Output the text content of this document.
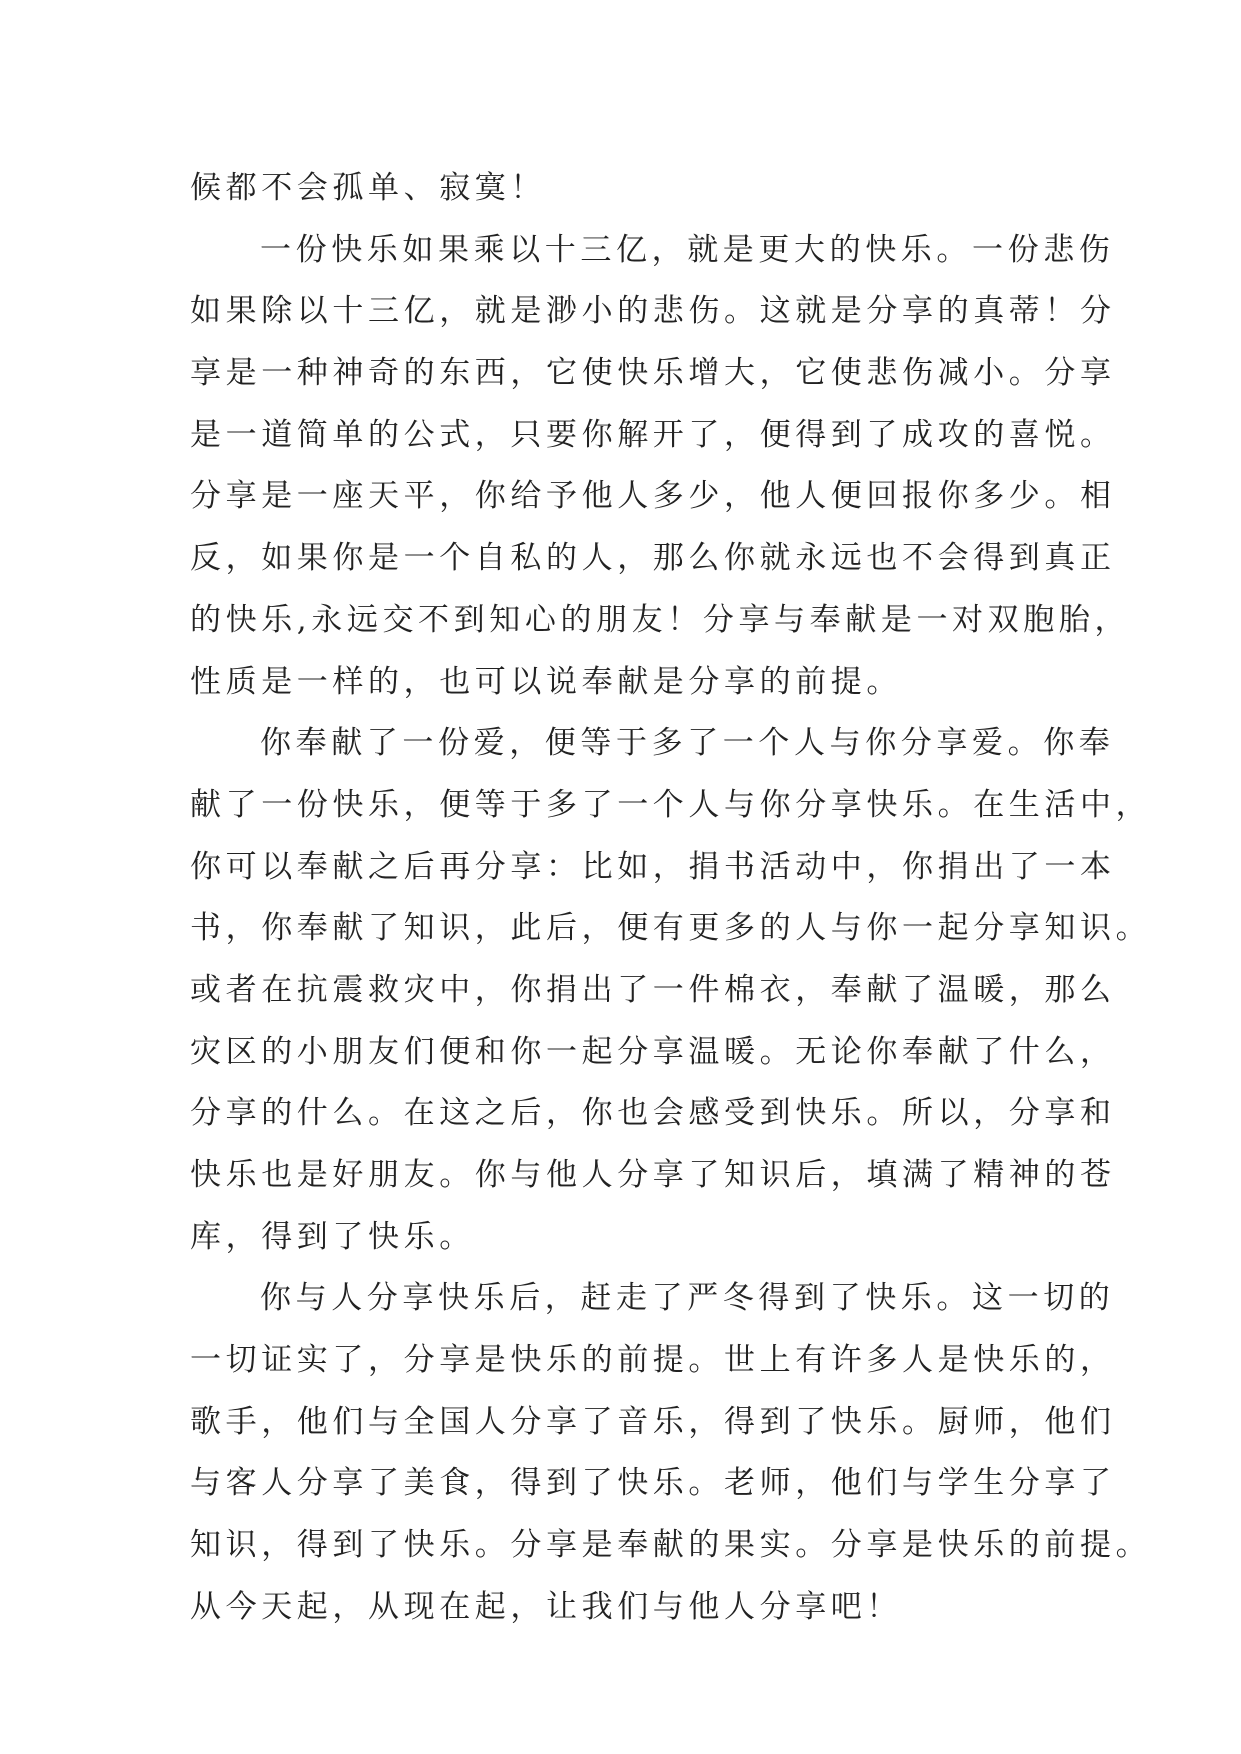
候都不会孤单、寂寞！
一份快乐如果乘以十三亿，就是更大的快乐。一份悲伤
如果除以十三亿，就是渺小的悲伤。这就是分享的真蒂！分
享是一种神奇的东西，它使快乐增大，它使悲伤减小。分享
是一道简单的公式，只要你解开了，便得到了成攻的喜悦。
分享是一座天平，你给予他人多少，他人便回报你多少。相
反，如果你是一个自私的人，那么你就永远也不会得到真正
的快乐,永远交不到知心的朋友！分享与奉献是一对双胞胎，
性质是一样的，也可以说奉献是分享的前提。
你奉献了一份爱，便等于多了一个人与你分享爱。你奉
献了一份快乐，便等于多了一个人与你分享快乐。在生活中，
你可以奉献之后再分享：比如，捐书活动中，你捐出了一本
书，你奉献了知识，此后，便有更多的人与你一起分享知识。
或者在抗震救灾中，你捐出了一件棉衣，奉献了温暖，那么
灾区的小朋友们便和你一起分享温暖。无论你奉献了什么，
分享的什么。在这之后，你也会感受到快乐。所以，分享和
快乐也是好朋友。你与他人分享了知识后，填满了精神的苍
库，得到了快乐。
你与人分享快乐后，赶走了严冬得到了快乐。这一切的
一切证实了，分享是快乐的前提。世上有许多人是快乐的，
歌手，他们与全国人分享了音乐，得到了快乐。厨师，他们
与客人分享了美食，得到了快乐。老师，他们与学生分享了
知识，得到了快乐。分享是奉献的果实。分享是快乐的前提。
从今天起，从现在起，让我们与他人分享吧！
